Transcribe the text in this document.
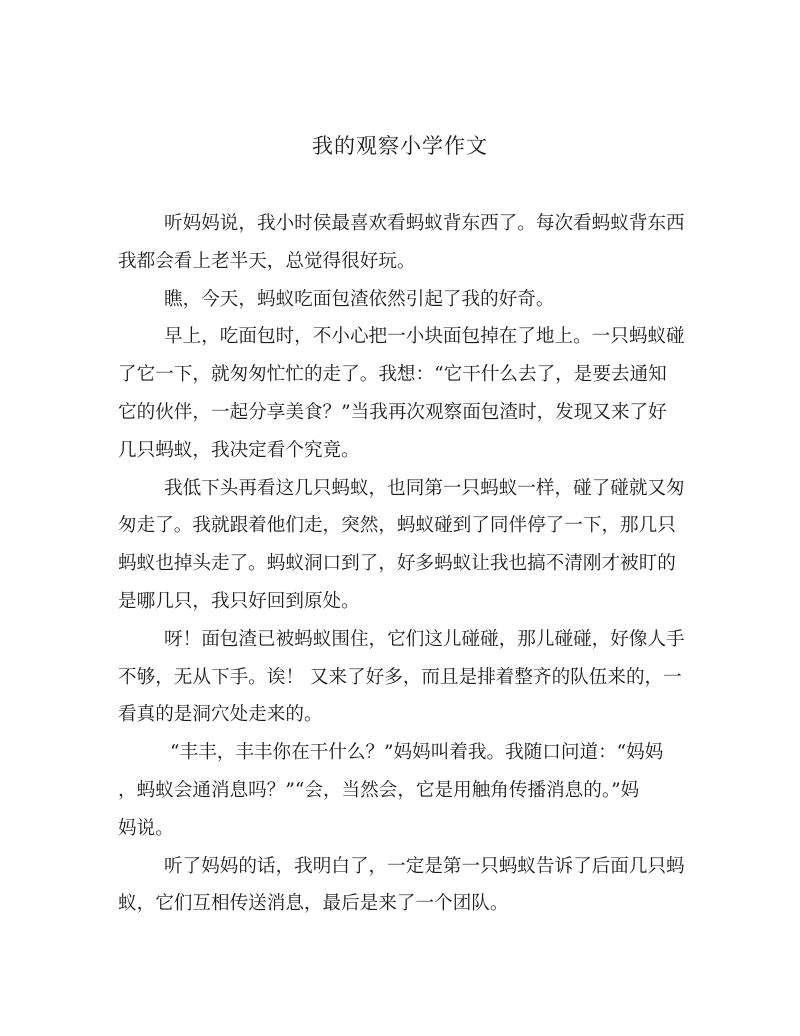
我的观察小学作文

听妈妈说，我小时侯最喜欢看蚂蚁背东西了。每次看蚂蚁背东西
我都会看上老半天，总觉得很好玩。

瞧，今天，蚂蚁吃面包渣依然引起了我的好奇。

早上，吃面包时，不小心把一小块面包掉在了地上。一只蚂蚁碰
了它一下，就匆匆忙忙的走了。我想：“它干什么去了，是要去通知
它的伙伴，一起分享美食？”当我再次观察面包渣时，发现又来了好
几只蚂蚁，我决定看个究竟。

我低下头再看这几只蚂蚁，也同第一只蚂蚁一样，碰了碰就又匆
匆走了。我就跟着他们走，突然，蚂蚁碰到了同伴停了一下，那几只
蚂蚁也掉头走了。蚂蚁洞口到了，好多蚂蚁让我也搞不清刚才被盯的
是哪几只，我只好回到原处。

呀！面包渣已被蚂蚁围住，它们这儿碰碰，那儿碰碰，好像人手
不够，无从下手。诶！ 又来了好多，而且是排着整齐的队伍来的，一
看真的是洞穴处走来的。

“丰丰，丰丰你在干什么？”妈妈叫着我。我随口问道：“妈妈
，蚂蚁会通消息吗？”“会，当然会，它是用触角传播消息的。”妈
妈说。

听了妈妈的话，我明白了，一定是第一只蚂蚁告诉了后面几只蚂
蚁，它们互相传送消息，最后是来了一个团队。
